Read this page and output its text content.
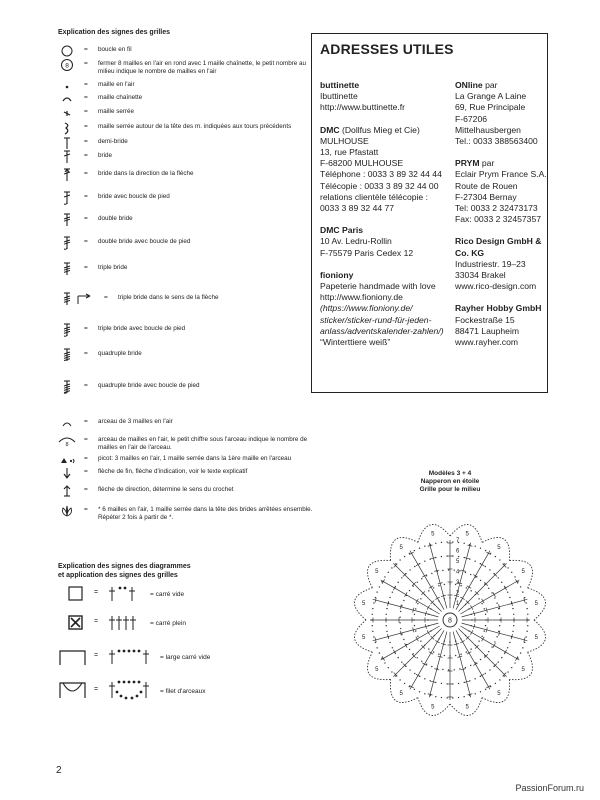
Explication des signes des grilles
= boucle en fil
8 = fermer 8 mailles en l'air en rond avec 1 maille chaînette, le petit nombre au milieu indique le nombre de mailles en l'air
= maille en l'air
= maille chaînette
= maille serrée
= maille serrée autour de la tête des m. indiquées aux tours précédents
= demi-bride
= bride
= bride dans la direction de la flèche
= bride avec boucle de pied
= double bride
= double bride avec boucle de pied
= triple bride
= triple bride dans le sens de la flèche
= triple bride avec boucle de pied
= quadruple bride
= quadruple bride avec boucle de pied
= arceau de 3 mailles en l'air
8
= arceau de mailles en l'air, le petit chiffre sous l'arceau indique le nombre de mailles en l'air de l'arceau.
= picot: 3 mailles en l'air, 1 maille serrée dans la 1ère maille en l'arceau
= flèche de fin, flèche d'indication, voir le texte explicatif
= flèche de direction, détermine le sens du crochet
= * 6 mailles en l'air, 1 maille serrée dans la tête des brides arrêtées ensemble. Répéter 2 fois à partir de *.
ADRESSES UTILES
buttinette
Ibuttinette
http://www.buttinette.fr
DMC (Dollfus Mieg et Cie)
MULHOUSE
13, rue Pfastatt
F-68200 MULHOUSE
Téléphone : 0033 3 89 32 44 44
Télécopie : 0033 3 89 32 44 00
relations clientèle télécopie :
0033 3 89 32 44 77
DMC Paris
10 Av. Ledru-Rollin
F-75579 Paris Cedex 12
fioniony
Papeterie handmade with love
http://www.fioniony.de
(https://www.fioniony.de/
sticker/sticker-rund-für-jeden-
anlass/adventskalender-zahlen/)
“Winterttiere weiß”
ONline par
La Grange A Laine
69, Rue Principale
F-67206 Mittelhausbergen
Tel.: 0033 388563400
PRYM par
Eclair Prym France S.A.
Route de Rouen
F-27304 Bernay
Tel: 0033 2 32473173
Fax: 0033 2 32457357
Rico Design GmbH & Co. KG
Industriestr. 19–23
33034 Brakel
www.rico-design.com
Rayher Hobby GmbH
Fockestraße 15
88471 Laupheim
www.rayher.com
Modèles 3 + 4
Napperon en étoile
Grille pour le milieu
8
5
5
5
5
5
5
5
5
5
5
5
5	5
5
5
5
1
2
3
4
5
6
7
Explication des signes des diagrammes
et application des signes des grilles
=	= carré vide
=	= carré plein
=	= large carré vide
=	= filet d'arceaux
2
PassionForum.ru
